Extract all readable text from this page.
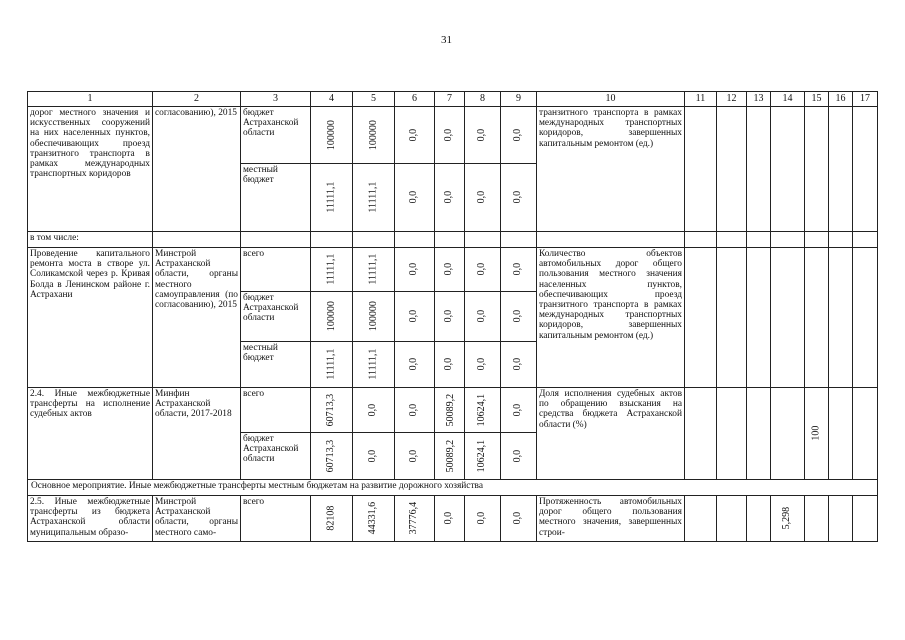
31
1	2	3	4	5	6	7	8	9	10	11	12	13	14	15	16	17
дорог местного значения и искусственных сооружений на них населенных пунктов, обеспечивающих проезд транзитного транспорта в рамках международных транспортных коридоров	согласованию), 2015	бюджет Астраханской области	100000	100000	0,0	0,0	0,0	0,0	транзитного транспорта в рамках международных транспортных коридоров, завершенных капитальным ремонтом (ед.)							
		местный бюджет	11111,1	11111,1	0,0	0,0	0,0	0,0								
в том числе:																
Проведение капитального ремонта моста в створе ул. Соликамской через р. Кривая Болда в Ленинском районе г. Астрахани	Минстрой Астраханской области, органы местного самоуправления (по согласованию), 2015	всего	11111,1	11111,1	0,0	0,0	0,0	0,0	Количество объектов автомобильных дорог общего пользования местного значения населенных пунктов, обеспечивающих проезд транзитного транспорта в рамках международных транспортных коридоров, завершенных капитальным ремонтом (ед.)							
		бюджет Астраханской области	100000	100000	0,0	0,0	0,0	0,0								
		местный бюджет	11111,1	11111,1	0,0	0,0	0,0	0,0								
2.4. Иные межбюджетные трансферты на исполнение судебных актов	Минфин Астраханской области, 2017-2018	всего	60713,3	0,0	0,0	50089,2	10624,1	0,0	Доля исполнения судебных актов по обращению взыскания на средства бюджета Астраханской области (%)					100		
		бюджет Астраханской области	60713,3	0,0	0,0	50089,2	10624,1	0,0								
Основное мероприятие. Иные межбюджетные трансферты местным бюджетам на развитие дорожного хозяйства																
2.5. Иные межбюджетные трансферты из бюджета Астраханской области муниципальным образо-	Минстрой Астраханской области, органы местного само-	всего	82108	44331,6	37776,4	0,0	0,0	0,0	Протяженность автомобильных дорог общего пользования местного значения, завершенных строи-				5,298			
